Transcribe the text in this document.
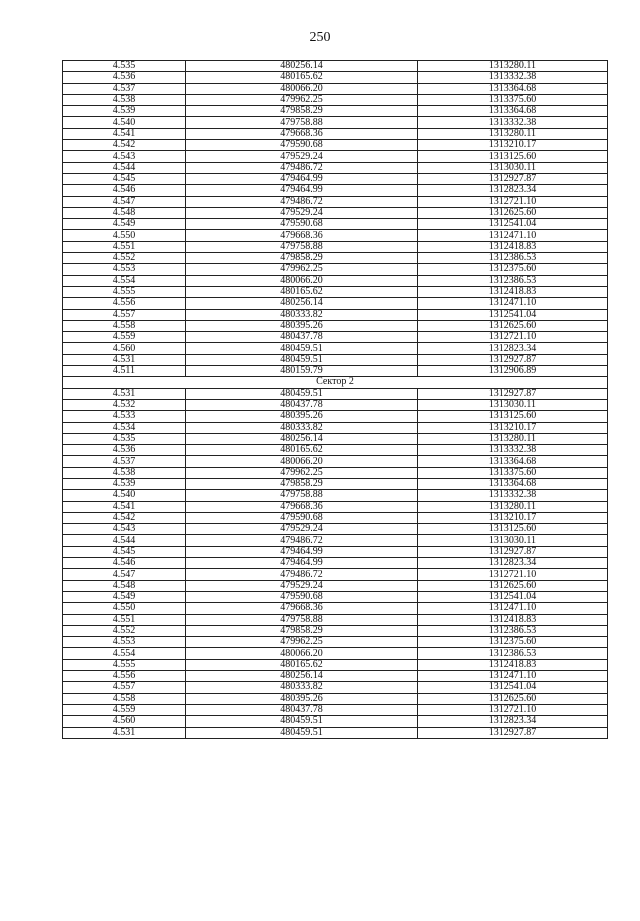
250
4.535	480256.14	1313280.11
4.536	480165.62	1313332.38
4.537	480066.20	1313364.68
4.538	479962.25	1313375.60
4.539	479858.29	1313364.68
4.540	479758.88	1313332.38
4.541	479668.36	1313280.11
4.542	479590.68	1313210.17
4.543	479529.24	1313125.60
4.544	479486.72	1313030.11
4.545	479464.99	1312927.87
4.546	479464.99	1312823.34
4.547	479486.72	1312721.10
4.548	479529.24	1312625.60
4.549	479590.68	1312541.04
4.550	479668.36	1312471.10
4.551	479758.88	1312418.83
4.552	479858.29	1312386.53
4.553	479962.25	1312375.60
4.554	480066.20	1312386.53
4.555	480165.62	1312418.83
4.556	480256.14	1312471.10
4.557	480333.82	1312541.04
4.558	480395.26	1312625.60
4.559	480437.78	1312721.10
4.560	480459.51	1312823.34
4.531	480459.51	1312927.87
4.511	480159.79	1312906.89
Сектор 2		
4.531	480459.51	1312927.87
4.532	480437.78	1313030.11
4.533	480395.26	1313125.60
4.534	480333.82	1313210.17
4.535	480256.14	1313280.11
4.536	480165.62	1313332.38
4.537	480066.20	1313364.68
4.538	479962.25	1313375.60
4.539	479858.29	1313364.68
4.540	479758.88	1313332.38
4.541	479668.36	1313280.11
4.542	479590.68	1313210.17
4.543	479529.24	1313125.60
4.544	479486.72	1313030.11
4.545	479464.99	1312927.87
4.546	479464.99	1312823.34
4.547	479486.72	1312721.10
4.548	479529.24	1312625.60
4.549	479590.68	1312541.04
4.550	479668.36	1312471.10
4.551	479758.88	1312418.83
4.552	479858.29	1312386.53
4.553	479962.25	1312375.60
4.554	480066.20	1312386.53
4.555	480165.62	1312418.83
4.556	480256.14	1312471.10
4.557	480333.82	1312541.04
4.558	480395.26	1312625.60
4.559	480437.78	1312721.10
4.560	480459.51	1312823.34
4.531	480459.51	1312927.87
